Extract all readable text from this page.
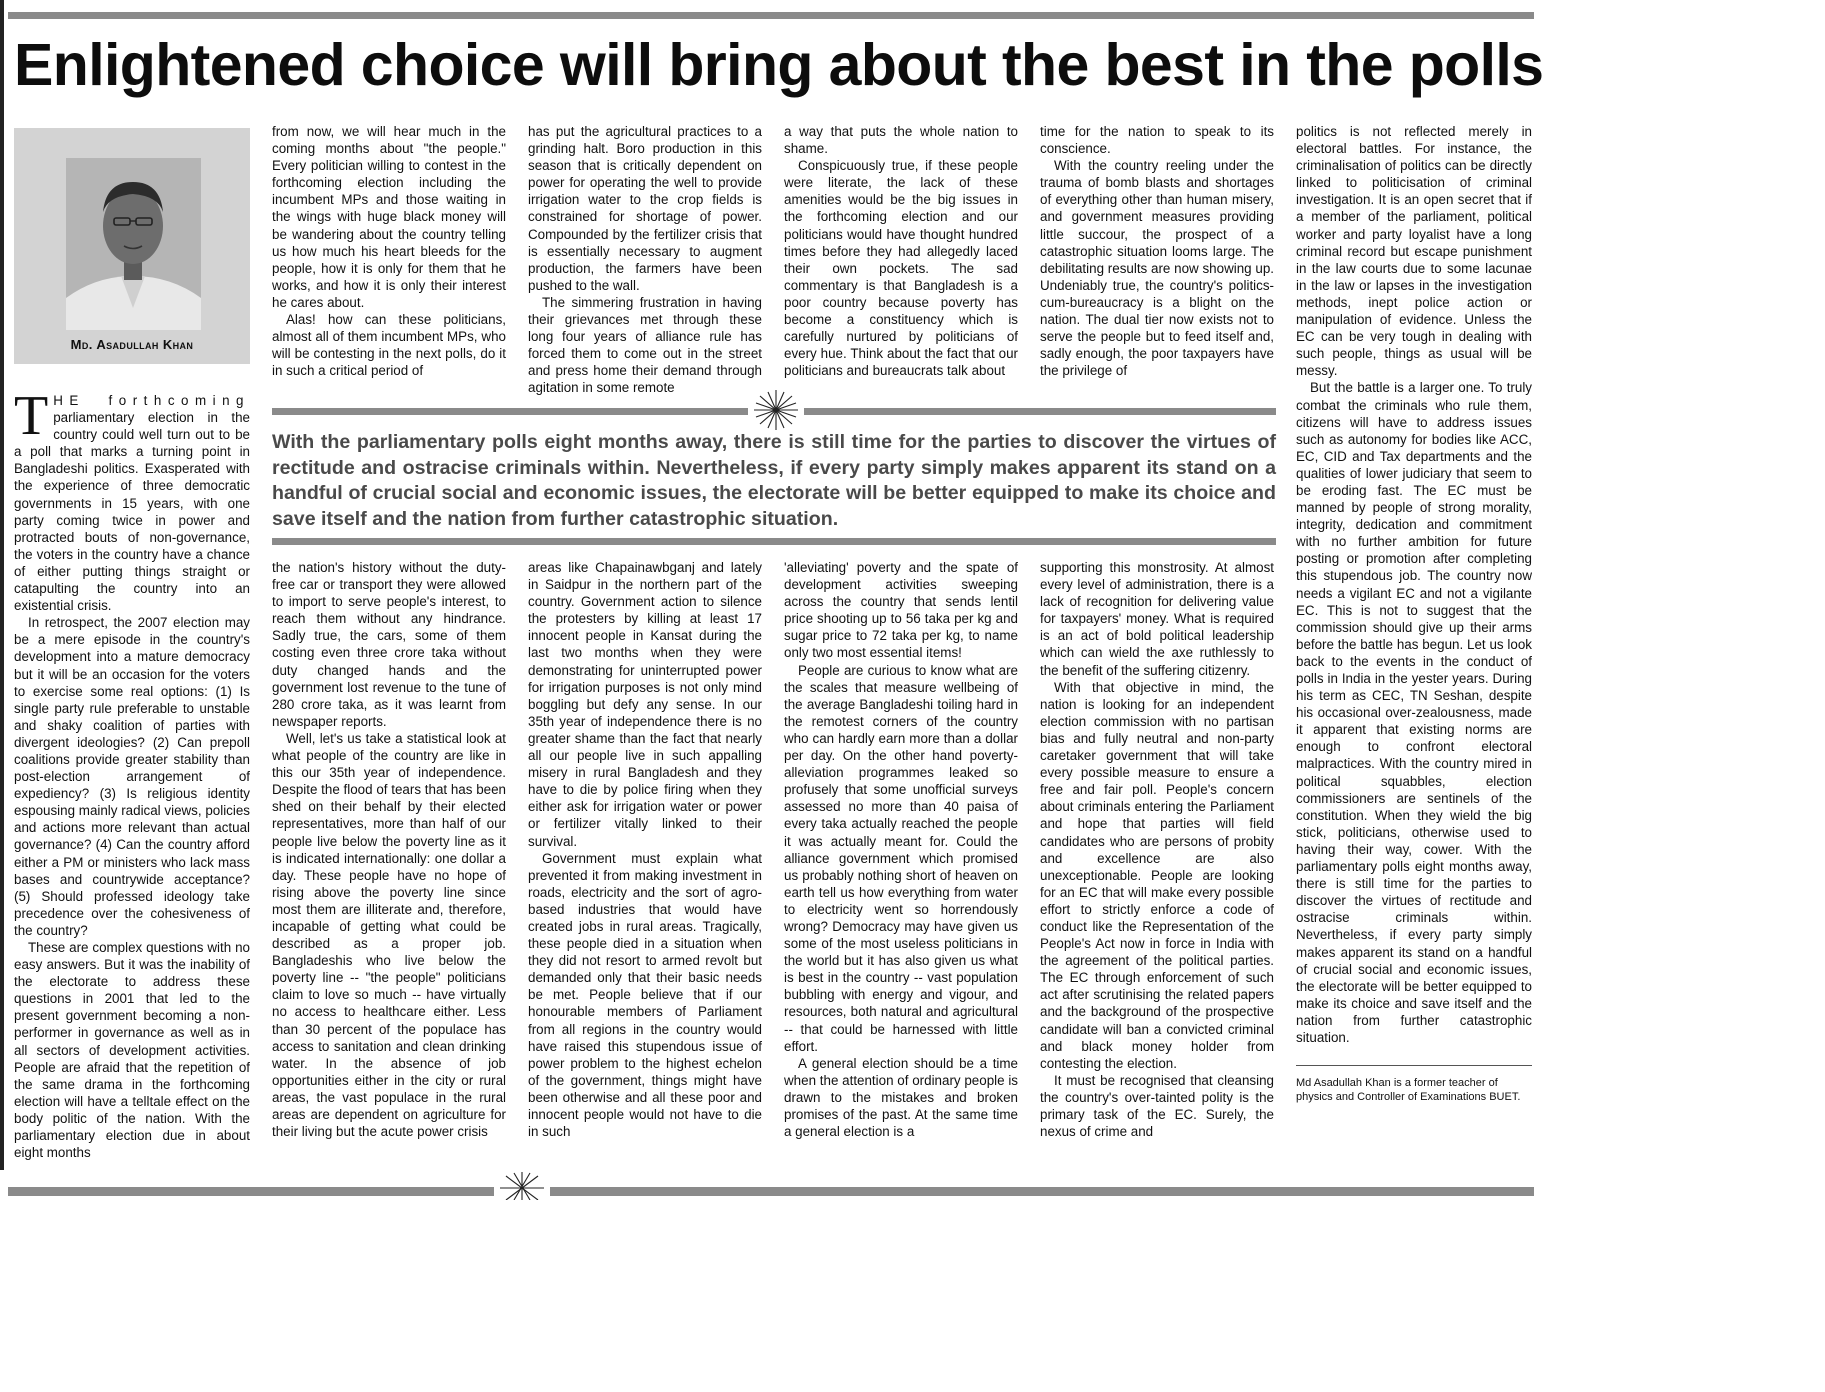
Enlightened choice will bring about the best in the polls
Md. Asadullah Khan

THE forthcoming parliamentary election in the country could well turn out to be a poll that marks a turning point in Bangladeshi politics. Exasperated with the experience of three democratic governments in 15 years, with one party coming twice in power and protracted bouts of non-governance, the voters in the country have a chance of either putting things straight or catapulting the country into an existential crisis.

In retrospect, the 2007 election may be a mere episode in the country's development into a mature democracy but it will be an occasion for the voters to exercise some real options: (1) Is single party rule preferable to unstable and shaky coalition of parties with divergent ideologies? (2) Can prepoll coalitions provide greater stability than post-election arrangement of expediency? (3) Is religious identity espousing mainly radical views, policies and actions more relevant than actual governance? (4) Can the country afford either a PM or ministers who lack mass bases and countrywide acceptance? (5) Should professed ideology take precedence over the cohesiveness of the country?

These are complex questions with no easy answers. But it was the inability of the electorate to address these questions in 2001 that led to the present government becoming a non-performer in governance as well as in all sectors of development activities. People are afraid that the repetition of the same drama in the forthcoming election will have a telltale effect on the body politic of the nation. With the parliamentary election due in about eight months

from now, we will hear much in the coming months about "the people." Every politician willing to contest in the forthcoming election including the incumbent MPs and those waiting in the wings with huge black money will be wandering about the country telling us how much his heart bleeds for the people, how it is only for them that he works, and how it is only their interest he cares about.

Alas! how can these politicians, almost all of them incumbent MPs, who will be contesting in the next polls, do it in such a critical period of

has put the agricultural practices to a grinding halt. Boro production in this season that is critically dependent on power for operating the well to provide irrigation water to the crop fields is constrained for shortage of power. Compounded by the fertilizer crisis that is essentially necessary to augment production, the farmers have been pushed to the wall.

The simmering frustration in having their grievances met through these long four years of alliance rule has forced them to come out in the street and press home their demand through agitation in some remote

a way that puts the whole nation to shame.

Conspicuously true, if these people were literate, the lack of these amenities would be the big issues in the forthcoming election and our politicians would have thought hundred times before they had allegedly laced their own pockets. The sad commentary is that Bangladesh is a poor country because poverty has become a constituency which is carefully nurtured by politicians of every hue. Think about the fact that our politicians and bureaucrats talk about

time for the nation to speak to its conscience.

With the country reeling under the trauma of bomb blasts and shortages of everything other than human misery, and government measures providing little succour, the prospect of a catastrophic situation looms large. The debilitating results are now showing up. Undeniably true, the country's politics-cum-bureaucracy is a blight on the nation. The dual tier now exists not to serve the people but to feed itself and, sadly enough, the poor taxpayers have the privilege of

politics is not reflected merely in electoral battles. For instance, the criminalisation of politics can be directly linked to politicisation of criminal investigation. It is an open secret that if a member of the parliament, political worker and party loyalist have a long criminal record but escape punishment in the law courts due to some lacunae in the law or lapses in the investigation methods, inept police action or manipulation of evidence. Unless the EC can be very tough in dealing with such people, things as usual will be messy.

But the battle is a larger one. To truly combat the criminals who rule them, citizens will have to address issues such as autonomy for bodies like ACC, EC, CID and Tax departments and the qualities of lower judiciary that seem to be eroding fast. The EC must be manned by people of strong morality, integrity, dedication and commitment with no further ambition for future posting or promotion after completing this stupendous job. The country now needs a vigilant EC and not a vigilante EC. This is not to suggest that the commission should give up their arms before the battle has begun. Let us look back to the events in the conduct of polls in India in the yester years. During his term as CEC, TN Seshan, despite his occasional over-zealousness, made it apparent that existing norms are enough to confront electoral malpractices. With the country mired in political squabbles, election commissioners are sentinels of the constitution. When they wield the big stick, politicians, otherwise used to having their way, cower. With the parliamentary polls eight months away, there is still time for the parties to discover the virtues of rectitude and ostracise criminals within. Nevertheless, if every party simply makes apparent its stand on a handful of crucial social and economic issues, the electorate will be better equipped to make its choice and save itself and the nation from further catastrophic situation.

Md Asadullah Khan is a former teacher of physics and Controller of Examinations BUET.

With the parliamentary polls eight months away, there is still time for the parties to discover the virtues of rectitude and ostracise criminals within. Nevertheless, if every party simply makes apparent its stand on a handful of crucial social and economic issues, the electorate will be better equipped to make its choice and save itself and the nation from further catastrophic situation.

the nation's history without the duty-free car or transport they were allowed to import to serve people's interest, to reach them without any hindrance. Sadly true, the cars, some of them costing even three crore taka without duty changed hands and the government lost revenue to the tune of 280 crore taka, as it was learnt from newspaper reports.

Well, let's us take a statistical look at what people of the country are like in this our 35th year of independence. Despite the flood of tears that has been shed on their behalf by their elected representatives, more than half of our people live below the poverty line as it is indicated internationally: one dollar a day. These people have no hope of rising above the poverty line since most them are illiterate and, therefore, incapable of getting what could be described as a proper job. Bangladeshis who live below the poverty line -- "the people" politicians claim to love so much -- have virtually no access to healthcare either. Less than 30 percent of the populace has access to sanitation and clean drinking water. In the absence of job opportunities either in the city or rural areas, the vast populace in the rural areas are dependent on agriculture for their living but the acute power crisis

areas like Chapainawbganj and lately in Saidpur in the northern part of the country. Government action to silence the protesters by killing at least 17 innocent people in Kansat during the last two months when they were demonstrating for uninterrupted power for irrigation purposes is not only mind boggling but defy any sense. In our 35th year of independence there is no greater shame than the fact that nearly all our people live in such appalling misery in rural Bangladesh and they have to die by police firing when they either ask for irrigation water or power or fertilizer vitally linked to their survival.

Government must explain what prevented it from making investment in roads, electricity and the sort of agro-based industries that would have created jobs in rural areas. Tragically, these people died in a situation when they did not resort to armed revolt but demanded only that their basic needs be met. People believe that if our honourable members of Parliament from all regions in the country would have raised this stupendous issue of power problem to the highest echelon of the government, things might have been otherwise and all these poor and innocent people would not have to die in such

'alleviating' poverty and the spate of development activities sweeping across the country that sends lentil price shooting up to 56 taka per kg and sugar price to 72 taka per kg, to name only two most essential items!

People are curious to know what are the scales that measure wellbeing of the average Bangladeshi toiling hard in the remotest corners of the country who can hardly earn more than a dollar per day. On the other hand poverty-alleviation programmes leaked so profusely that some unofficial surveys assessed no more than 40 paisa of every taka actually reached the people it was actually meant for. Could the alliance government which promised us probably nothing short of heaven on earth tell us how everything from water to electricity went so horrendously wrong? Democracy may have given us some of the most useless politicians in the world but it has also given us what is best in the country -- vast population bubbling with energy and vigour, and resources, both natural and agricultural -- that could be harnessed with little effort.

A general election should be a time when the attention of ordinary people is drawn to the mistakes and broken promises of the past. At the same time a general election is a

supporting this monstrosity. At almost every level of administration, there is a lack of recognition for delivering value for taxpayers' money. What is required is an act of bold political leadership which can wield the axe ruthlessly to the benefit of the suffering citizenry.

With that objective in mind, the nation is looking for an independent election commission with no partisan bias and fully neutral and non-party caretaker government that will take every possible measure to ensure a free and fair poll. People's concern about criminals entering the Parliament and hope that parties will field candidates who are persons of probity and excellence are also unexceptionable. People are looking for an EC that will make every possible effort to strictly enforce a code of conduct like the Representation of the People's Act now in force in India with the agreement of the political parties. The EC through enforcement of such act after scrutinising the related papers and the background of the prospective candidate will ban a convicted criminal and black money holder from contesting the election.

It must be recognised that cleansing the country's over-tainted polity is the primary task of the EC. Surely, the nexus of crime and
